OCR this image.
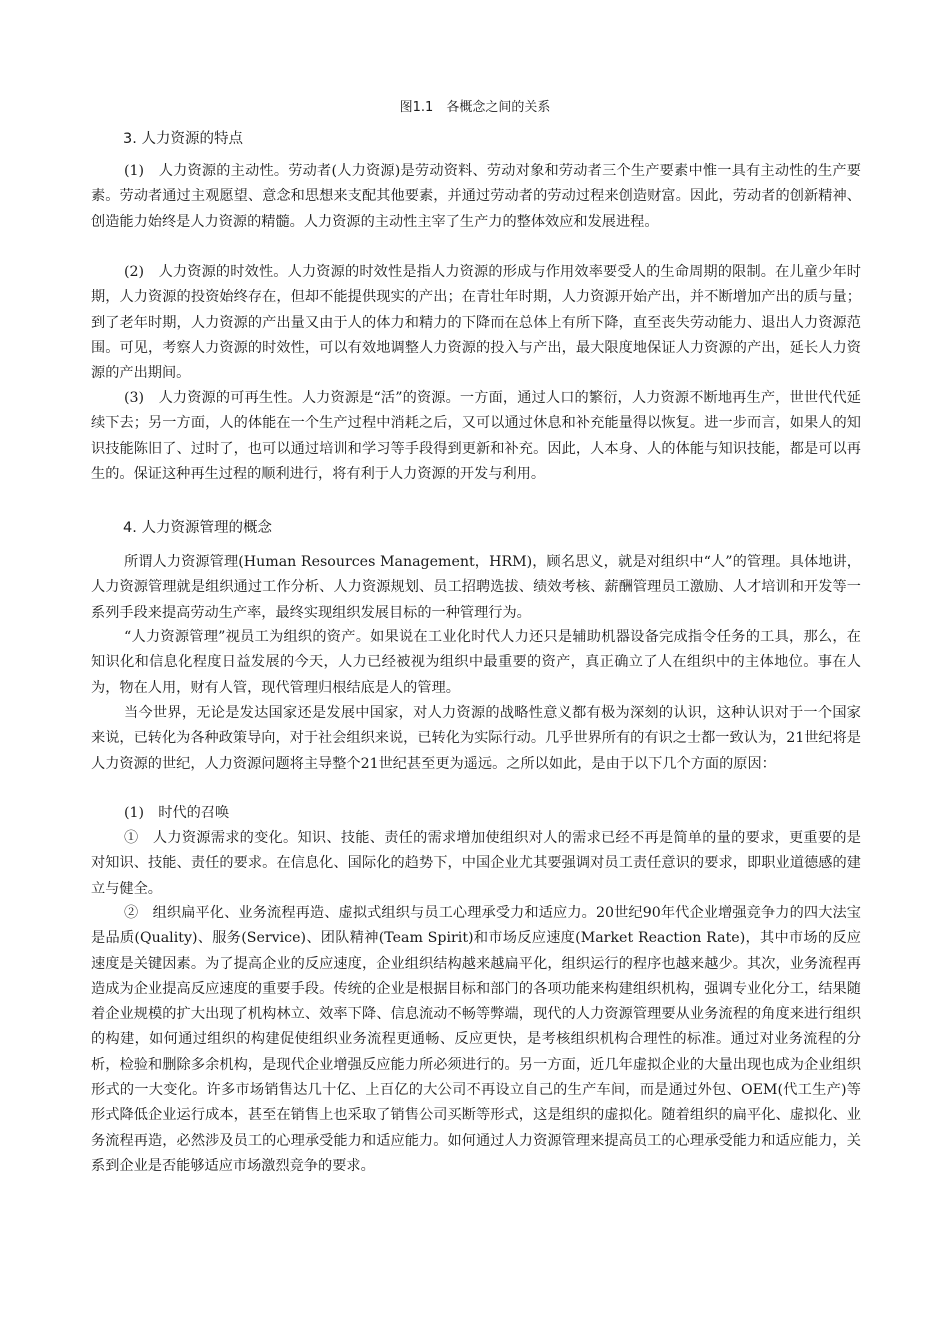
图1.1　各概念之间的关系
3. 人力资源的特点

(1)　人力资源的主动性。劳动者(人力资源)是劳动资料、劳动对象和劳动者三个生产要素中惟一具有主动性的生产要素。劳动者通过主观愿望、意念和思想来支配其他要素，并通过劳动者的劳动过程来创造财富。因此，劳动者的创新精神、创造能力始终是人力资源的精髓。人力资源的主动性主宰了生产力的整体效应和发展进程。

(2)　人力资源的时效性。人力资源的时效性是指人力资源的形成与作用效率要受人的生命周期的限制。在儿童少年时期，人力资源的投资始终存在，但却不能提供现实的产出；在青壮年时期，人力资源开始产出，并不断增加产出的质与量；到了老年时期，人力资源的产出量又由于人的体力和精力的下降而在总体上有所下降，直至丧失劳动能力、退出人力资源范围。可见，考察人力资源的时效性，可以有效地调整人力资源的投入与产出，最大限度地保证人力资源的产出，延长人力资源的产出期间。

(3)　人力资源的可再生性。人力资源是“活”的资源。一方面，通过人口的繁衍，人力资源不断地再生产，世世代代延续下去；另一方面，人的体能在一个生产过程中消耗之后，又可以通过休息和补充能量得以恢复。进一步而言，如果人的知识技能陈旧了、过时了，也可以通过培训和学习等手段得到更新和补充。因此，人本身、人的体能与知识技能，都是可以再生的。保证这种再生过程的顺利进行，将有利于人力资源的开发与利用。

4. 人力资源管理的概念

所谓人力资源管理(Human Resources Management，HRM)，顾名思义，就是对组织中“人”的管理。具体地讲，人力资源管理就是组织通过工作分析、人力资源规划、员工招聘选拔、绩效考核、薪酬管理员工激励、人才培训和开发等一系列手段来提高劳动生产率，最终实现组织发展目标的一种管理行为。

“人力资源管理”视员工为组织的资产。如果说在工业化时代人力还只是辅助机器设备完成指令任务的工具，那么，在知识化和信息化程度日益发展的今天，人力已经被视为组织中最重要的资产，真正确立了人在组织中的主体地位。事在人为，物在人用，财有人管，现代管理归根结底是人的管理。

当今世界，无论是发达国家还是发展中国家，对人力资源的战略性意义都有极为深刻的认识，这种认识对于一个国家来说，已转化为各种政策导向，对于社会组织来说，已转化为实际行动。几乎世界所有的有识之士都一致认为，21世纪将是人力资源的世纪，人力资源问题将主导整个21世纪甚至更为遥远。之所以如此，是由于以下几个方面的原因：

(1)　时代的召唤

①　人力资源需求的变化。知识、技能、责任的需求增加使组织对人的需求已经不再是简单的量的要求，更重要的是对知识、技能、责任的要求。在信息化、国际化的趋势下，中国企业尤其要强调对员工责任意识的要求，即职业道德感的建立与健全。

②　组织扁平化、业务流程再造、虚拟式组织与员工心理承受力和适应力。20世纪90年代企业增强竞争力的四大法宝是品质(Quality)、服务(Service)、团队精神(Team Spirit)和市场反应速度(Market Reaction Rate)，其中市场的反应速度是关键因素。为了提高企业的反应速度，企业组织结构越来越扁平化，组织运行的程序也越来越少。其次，业务流程再造成为企业提高反应速度的重要手段。传统的企业是根据目标和部门的各项功能来构建组织机构，强调专业化分工，结果随着企业规模的扩大出现了机构林立、效率下降、信息流动不畅等弊端，现代的人力资源管理要从业务流程的角度来进行组织的构建，如何通过组织的构建促使组织业务流程更通畅、反应更快，是考核组织机构合理性的标准。通过对业务流程的分析，检验和删除多余机构，是现代企业增强反应能力所必须进行的。另一方面，近几年虚拟企业的大量出现也成为企业组织形式的一大变化。许多市场销售达几十亿、上百亿的大公司不再设立自己的生产车间，而是通过外包、OEM(代工生产)等形式降低企业运行成本，甚至在销售上也采取了销售公司买断等形式，这是组织的虚拟化。随着组织的扁平化、虚拟化、业务流程再造，必然涉及员工的心理承受能力和适应能力。如何通过人力资源管理来提高员工的心理承受能力和适应能力，关系到企业是否能够适应市场激烈竞争的要求。
